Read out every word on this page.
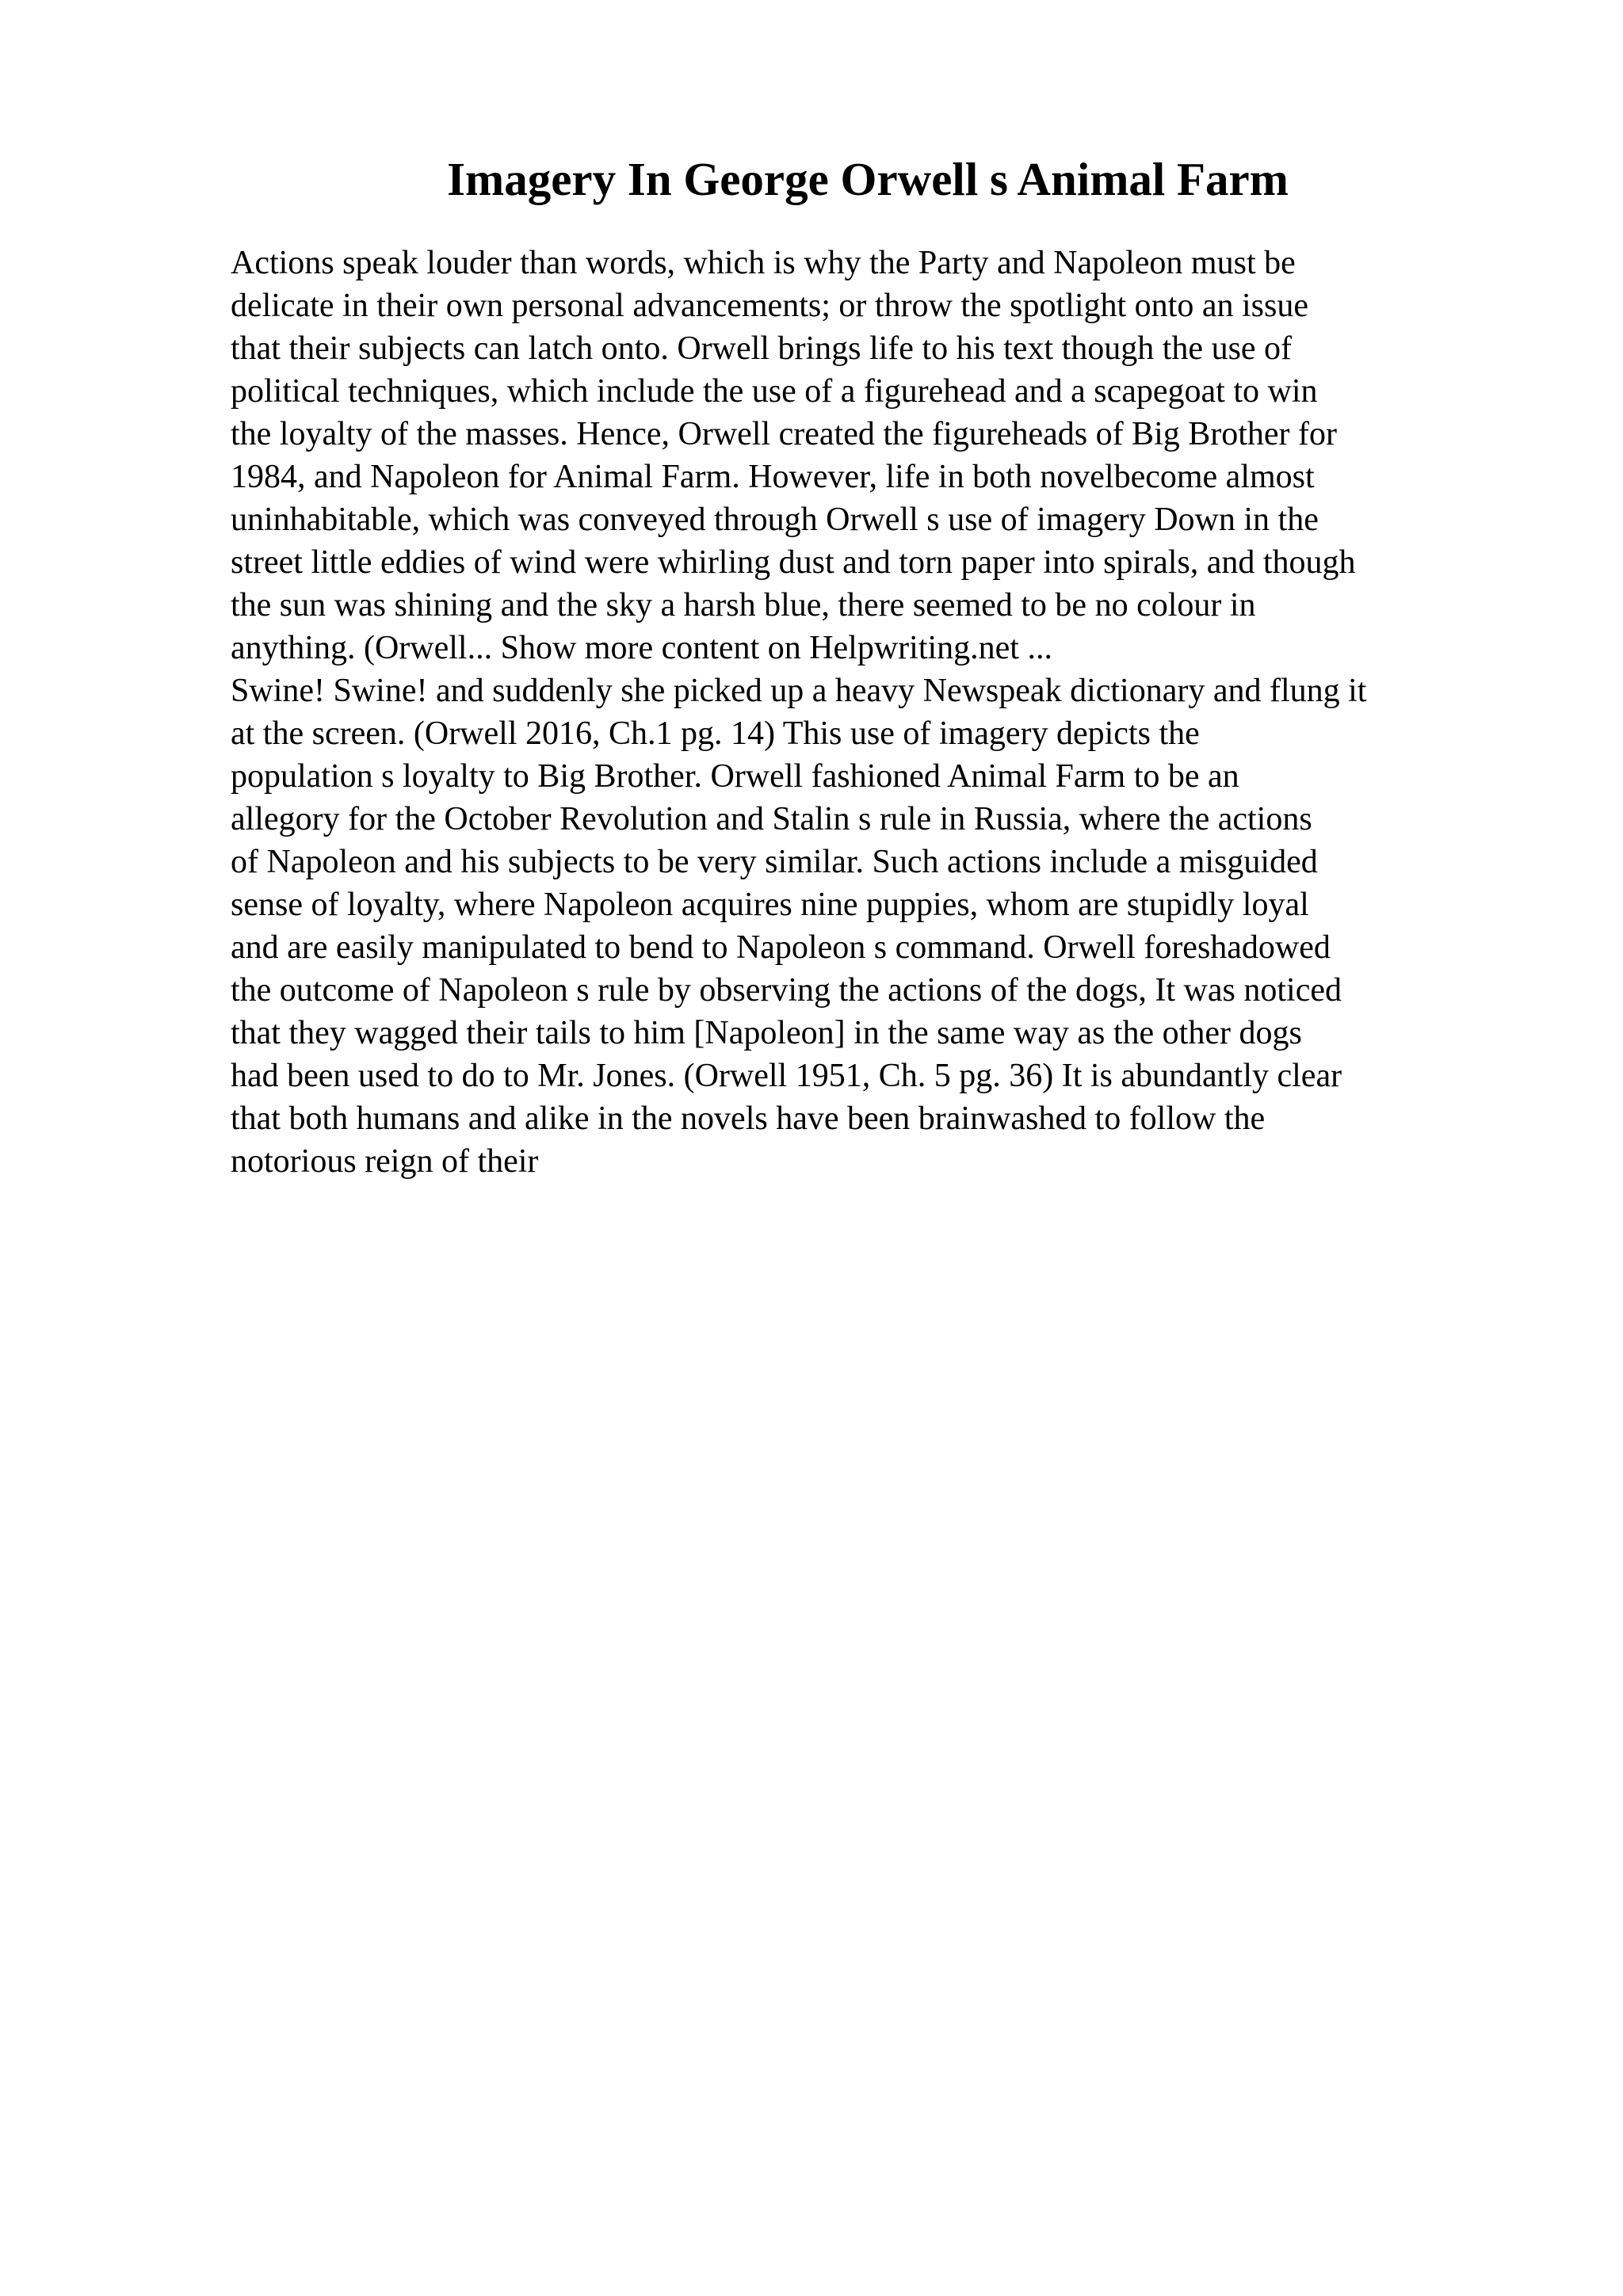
Imagery In George Orwell s Animal Farm
Actions speak louder than words, which is why the Party and Napoleon must be
delicate in their own personal advancements; or throw the spotlight onto an issue
that their subjects can latch onto. Orwell brings life to his text though the use of
political techniques, which include the use of a figurehead and a scapegoat to win
the loyalty of the masses. Hence, Orwell created the figureheads of Big Brother for
1984, and Napoleon for Animal Farm. However, life in both novelbecome almost
uninhabitable, which was conveyed through Orwell s use of imagery Down in the
street little eddies of wind were whirling dust and torn paper into spirals, and though
the sun was shining and the sky a harsh blue, there seemed to be no colour in
anything. (Orwell... Show more content on Helpwriting.net ...
Swine! Swine! and suddenly she picked up a heavy Newspeak dictionary and flung it
at the screen. (Orwell 2016, Ch.1 pg. 14) This use of imagery depicts the
population s loyalty to Big Brother. Orwell fashioned Animal Farm to be an
allegory for the October Revolution and Stalin s rule in Russia, where the actions
of Napoleon and his subjects to be very similar. Such actions include a misguided
sense of loyalty, where Napoleon acquires nine puppies, whom are stupidly loyal
and are easily manipulated to bend to Napoleon s command. Orwell foreshadowed
the outcome of Napoleon s rule by observing the actions of the dogs, It was noticed
that they wagged their tails to him [Napoleon] in the same way as the other dogs
had been used to do to Mr. Jones. (Orwell 1951, Ch. 5 pg. 36) It is abundantly clear
that both humans and alike in the novels have been brainwashed to follow the
notorious reign of their
